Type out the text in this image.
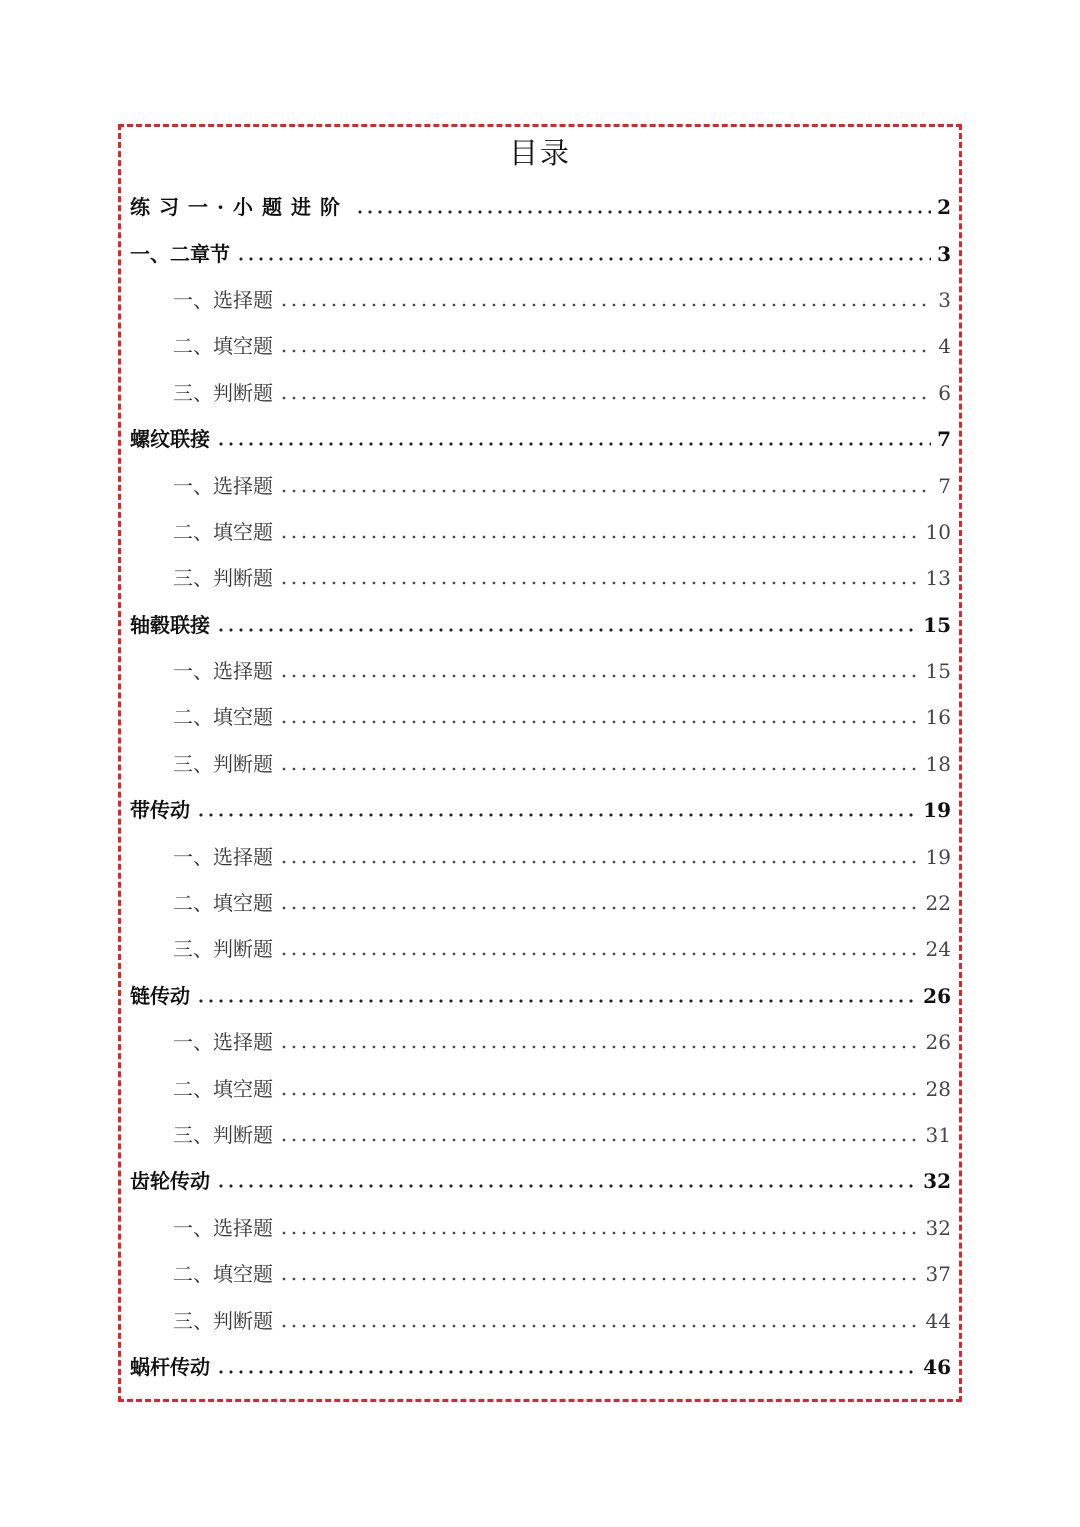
目录
练习一·小题进阶	2
一、二章节	3
一、选择题	3
二、填空题	4
三、判断题	6
螺纹联接	7
一、选择题	7
二、填空题	10
三、判断题	13
轴毂联接	15
一、选择题	15
二、填空题	16
三、判断题	18
带传动	19
一、选择题	19
二、填空题	22
三、判断题	24
链传动	26
一、选择题	26
二、填空题	28
三、判断题	31
齿轮传动	32
一、选择题	32
二、填空题	37
三、判断题	44
蜗杆传动	46
